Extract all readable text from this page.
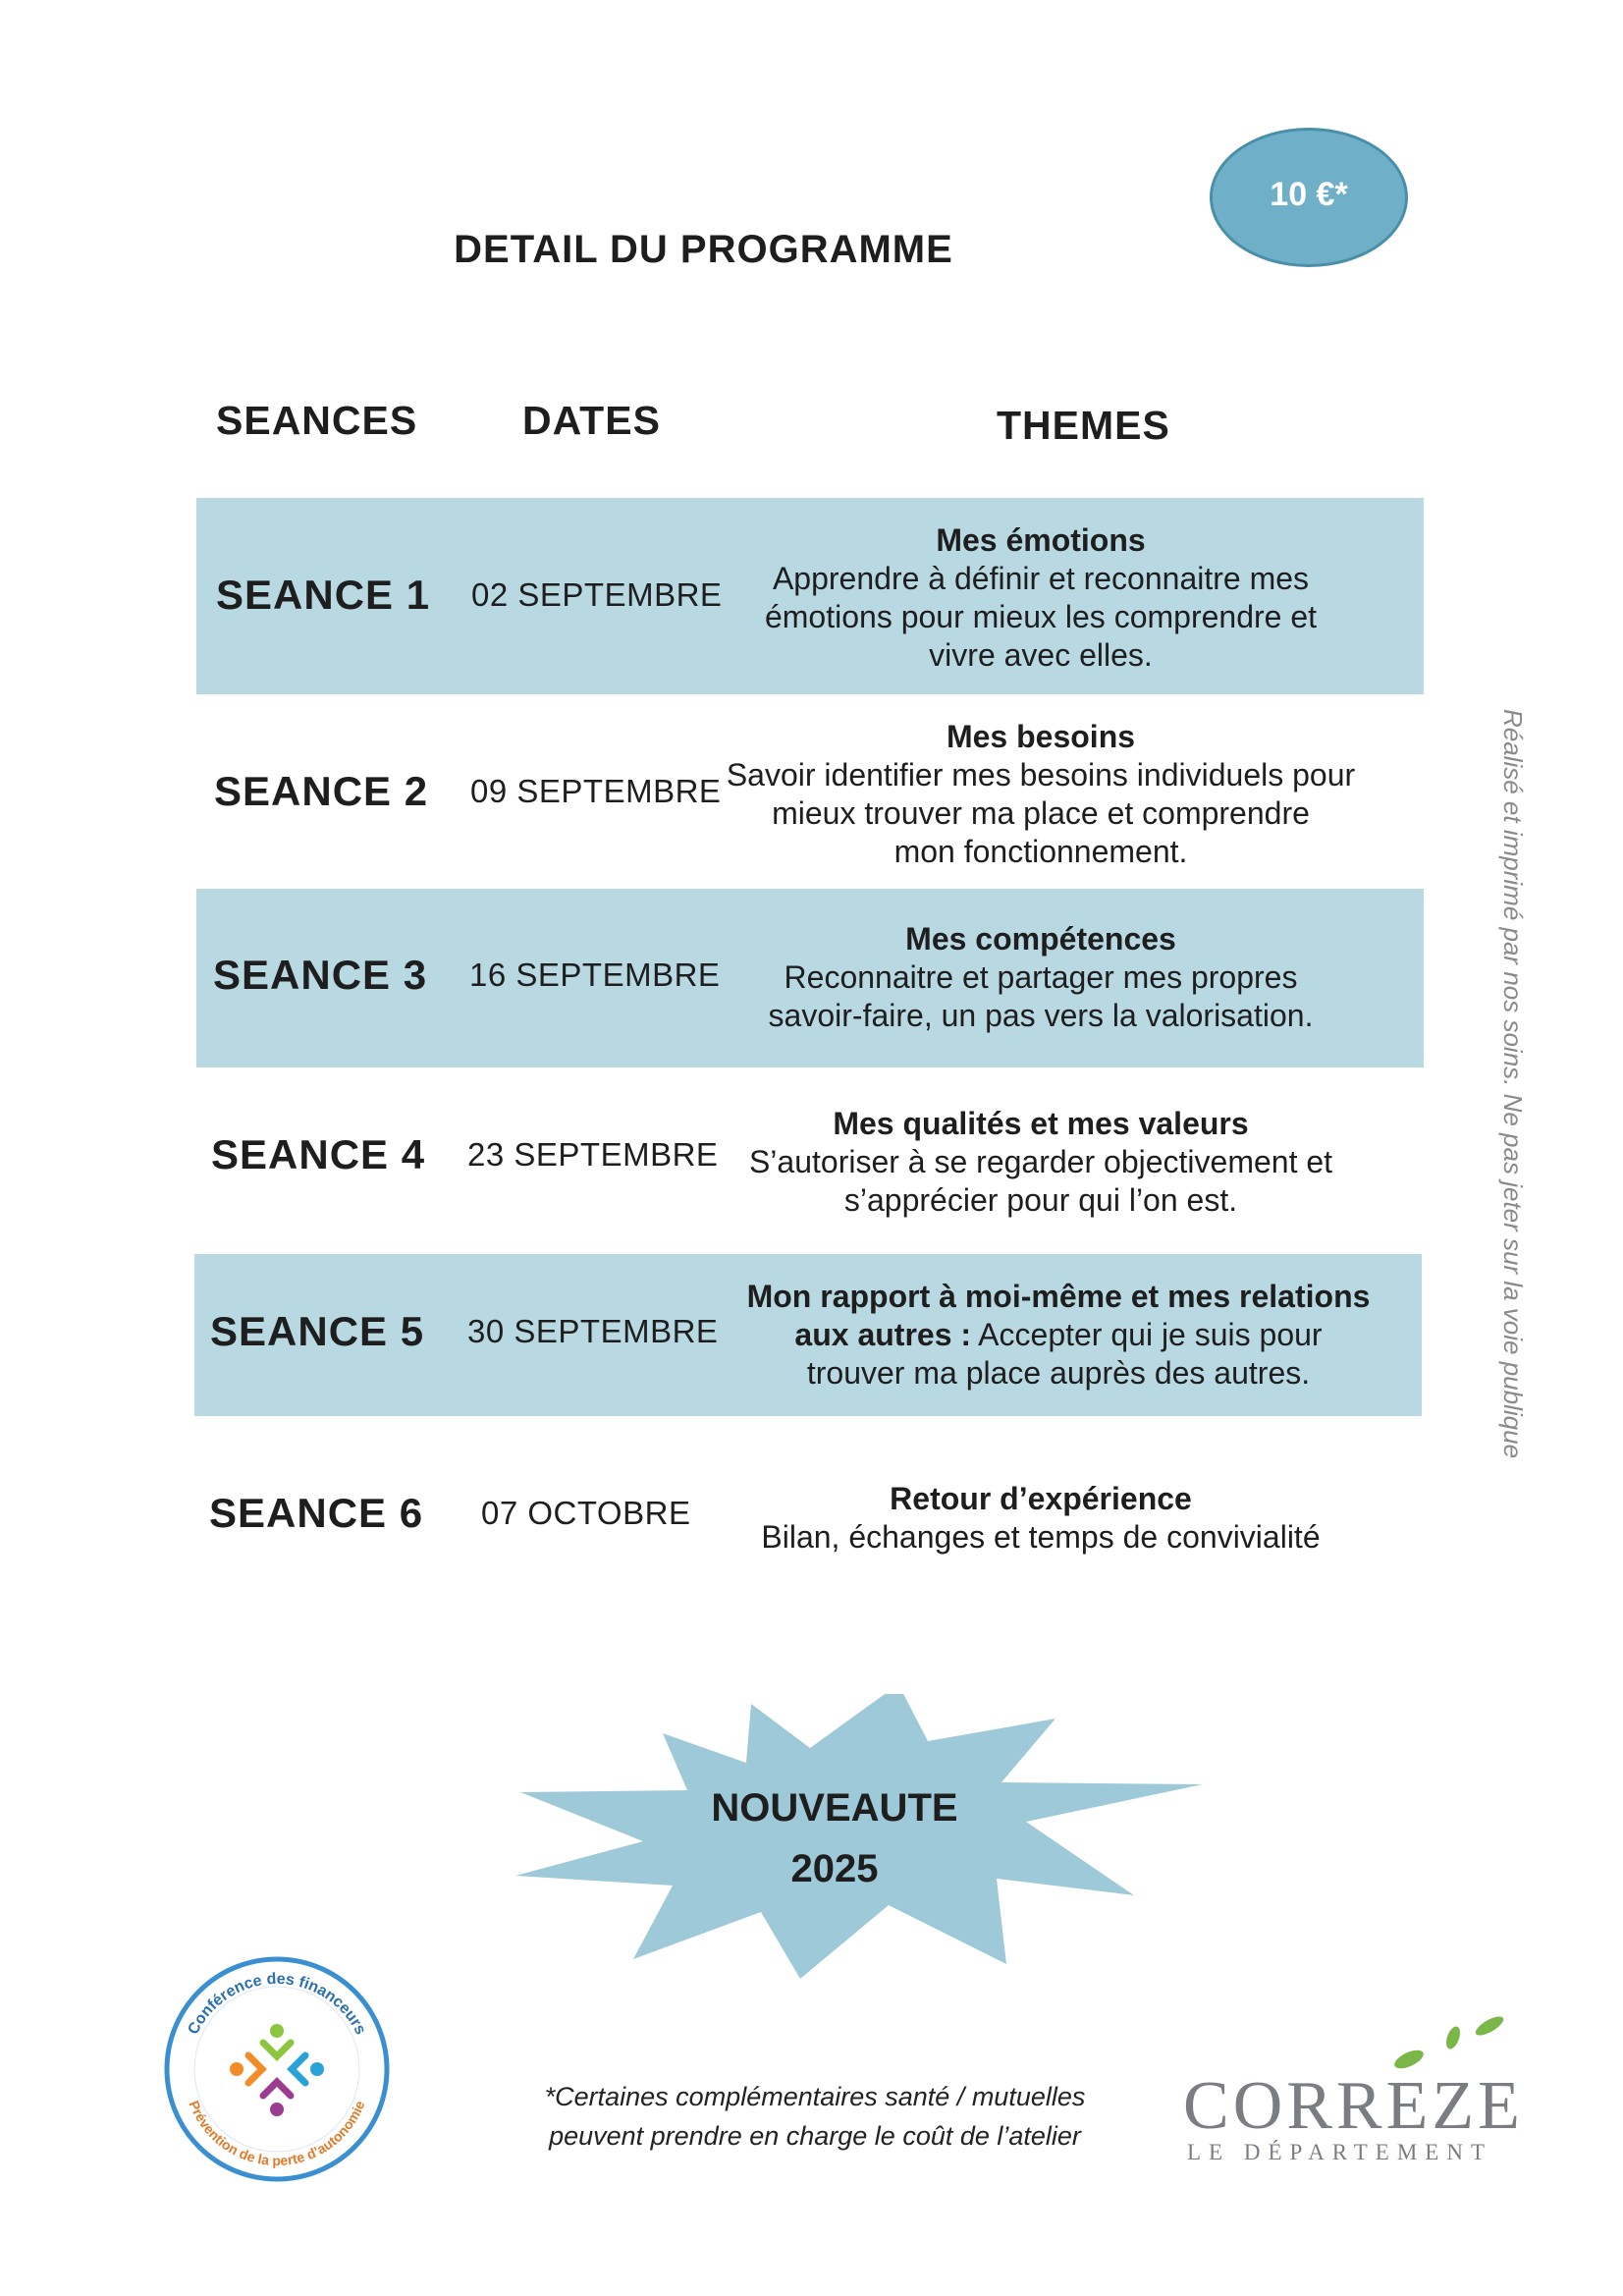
10 €*
DETAIL DU PROGRAMME
SEANCES	DATES	THEMES
SEANCE 1 02 SEPTEMBRE
Mes émotions
Apprendre à définir et reconnaitre mes
émotions pour mieux les comprendre et
vivre avec elles.
SEANCE 2 09 SEPTEMBRE
Mes besoins
Savoir identifier mes besoins individuels pour
mieux trouver ma place et comprendre
mon fonctionnement.
SEANCE 3 16 SEPTEMBRE
Mes compétences
Reconnaitre et partager mes propres
savoir-faire, un pas vers la valorisation.
SEANCE 4 23 SEPTEMBRE
Mes qualités et mes valeurs
S’autoriser à se regarder objectivement et
s’apprécier pour qui l’on est.
SEANCE 5 30 SEPTEMBRE
Mon rapport à moi-même et mes relations
aux autres : Accepter qui je suis pour
trouver ma place auprès des autres.
SEANCE 6 07 OCTOBRE	Retour d’expérience
Bilan, échanges et temps de convivialité
Réalisé et imprimé par nos soins. Ne pas jeter sur la voie publique
NOUVEAUTE
2025
Conférence des financeurs
Prévention de la perte d’autonomie	*Certaines complémentaires santé / mutuelles
peuvent prendre en charge le coût de l’atelier	CORREZE
LE DÉPARTEMENT
